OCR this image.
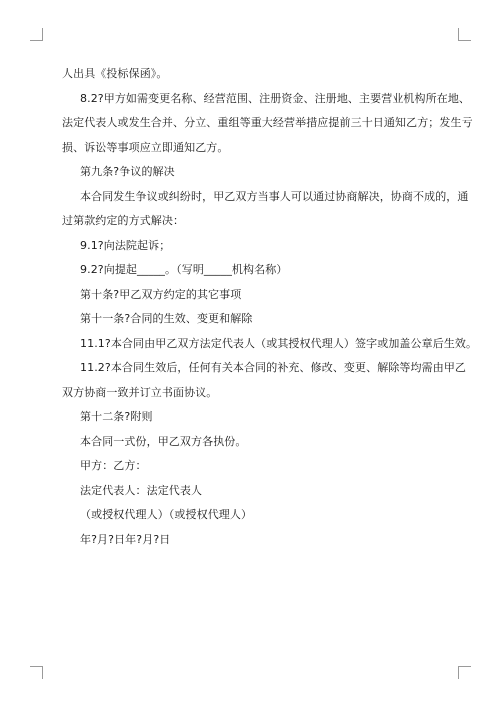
人出具《投标保函》。
8.2?甲方如需变更名称、经营范围、注册资金、注册地、主要营业机构所在地、
法定代表人或发生合并、分立、重组等重大经营举措应提前三十日通知乙方；发生亏
损、诉讼等事项应立即通知乙方。
第九条?争议的解决
本合同发生争议或纠纷时，甲乙双方当事人可以通过协商解决，协商不成的，通
过第款约定的方式解决：
9.1?向法院起诉；
9.2?向提起_____。（写明_____机构名称）
第十条?甲乙双方约定的其它事项
第十一条?合同的生效、变更和解除
11.1?本合同由甲乙双方法定代表人（或其授权代理人）签字或加盖公章后生效。
11.2?本合同生效后，任何有关本合同的补充、修改、变更、解除等均需由甲乙
双方协商一致并订立书面协议。
第十二条?附则
本合同一式份，甲乙双方各执份。
甲方：乙方：
法定代表人：法定代表人
（或授权代理人）（或授权代理人）
年?月?日年?月?日
